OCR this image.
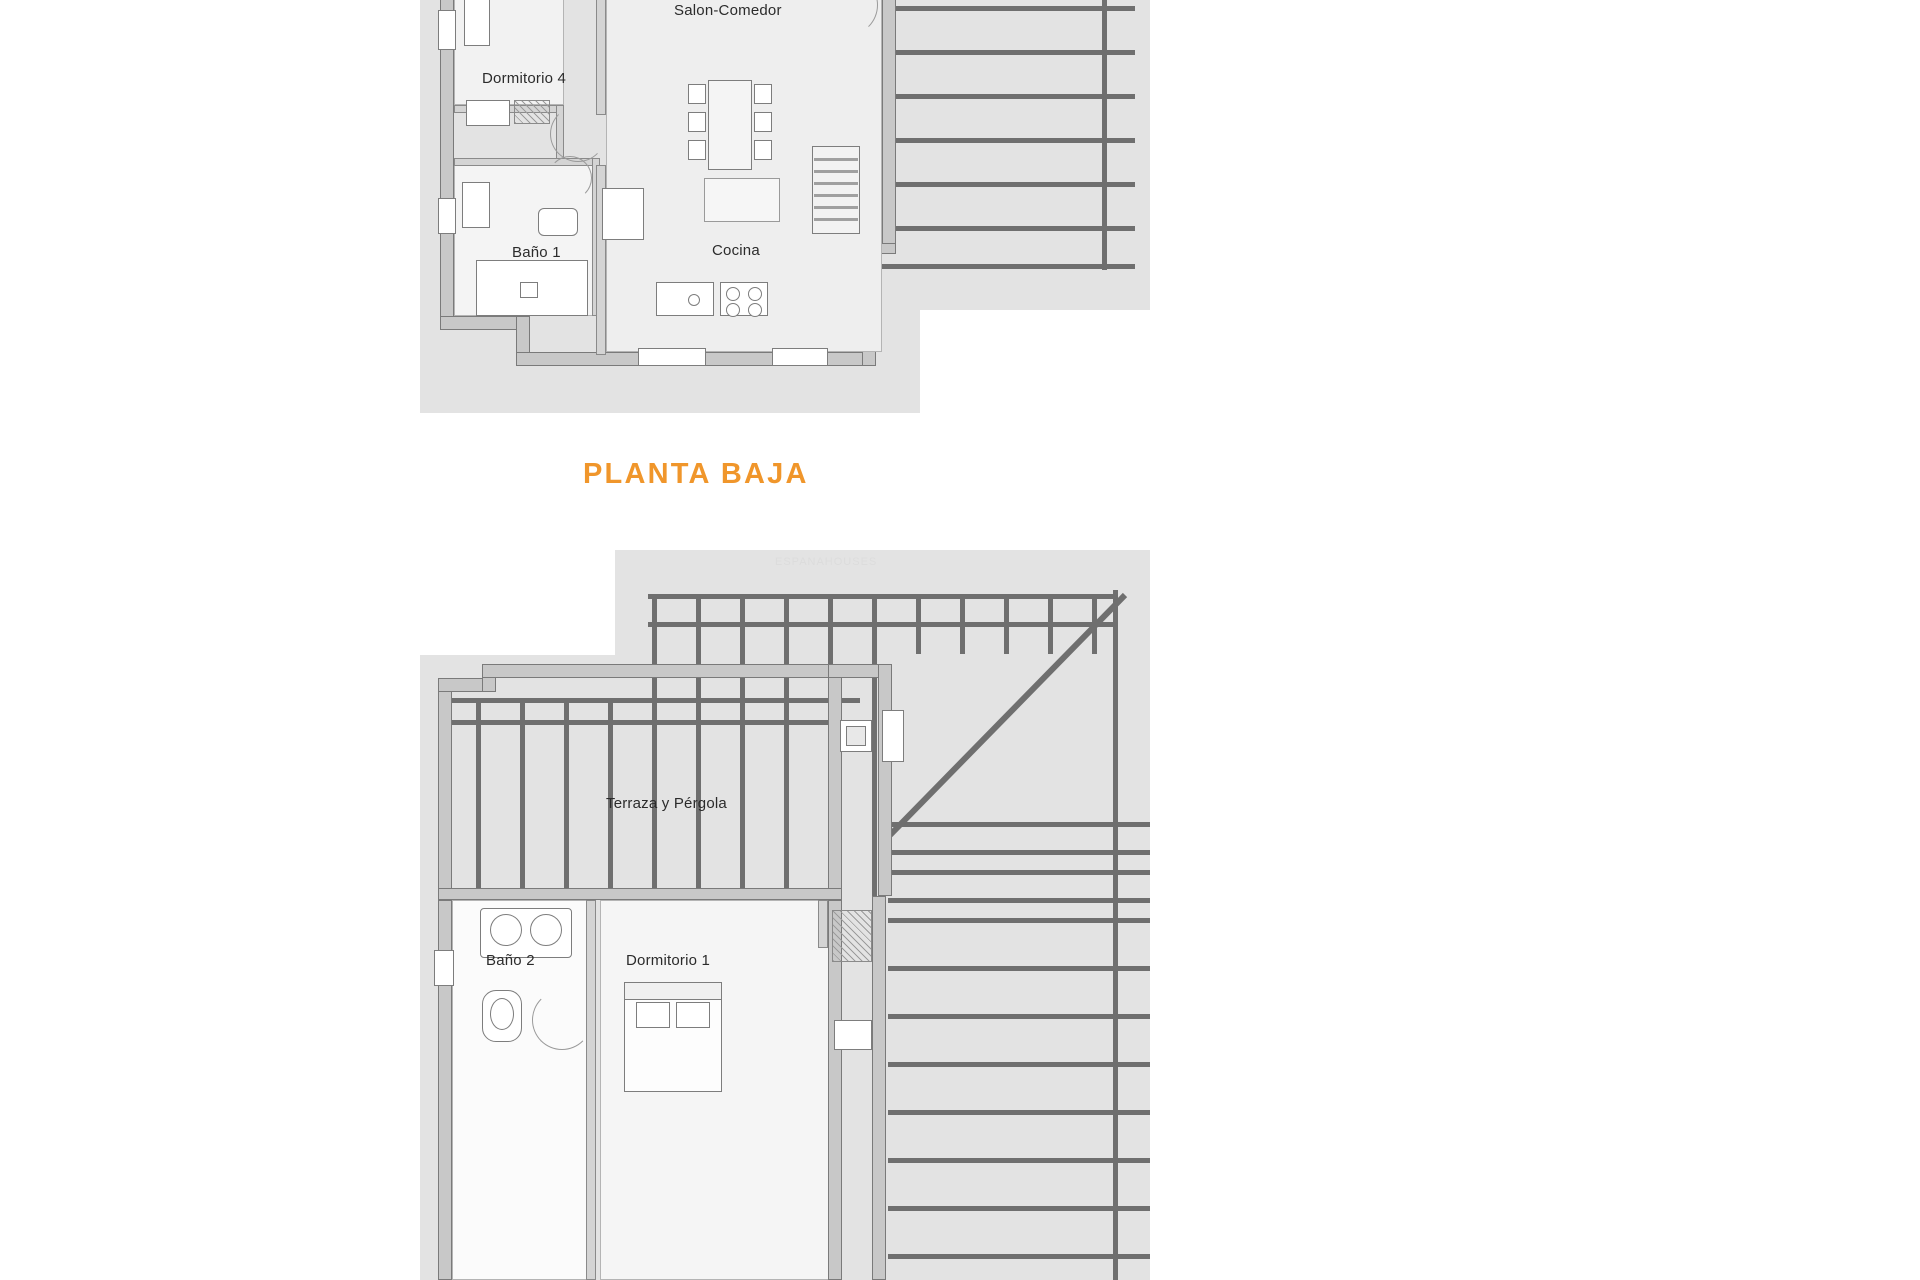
Dormitorio 4
Baño 1
Salon-Comedor
Cocina
PLANTA BAJA
ESPANAHOUSES
Terraza y Pérgola
Baño 2	Dormitorio 1
